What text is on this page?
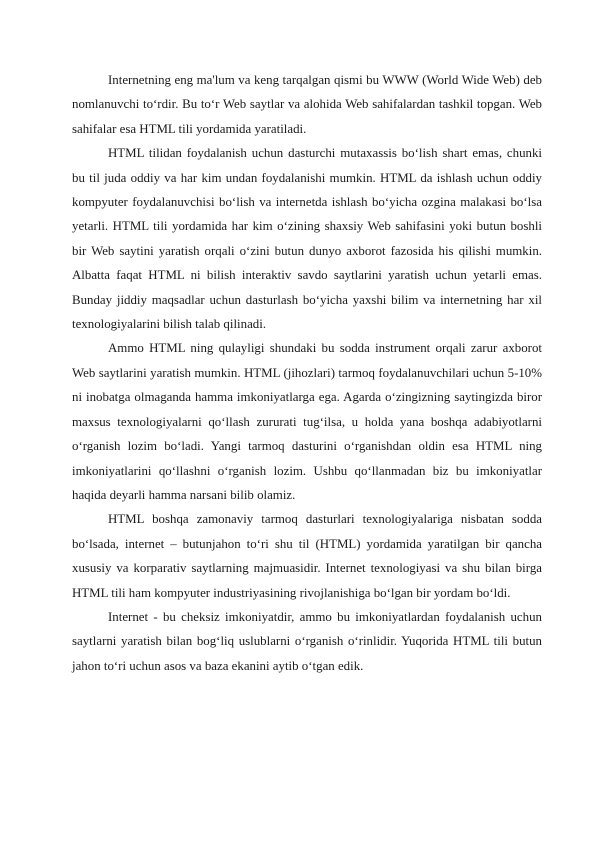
Internetning eng ma'lum va keng tarqalgan qismi bu WWW (World Wide Web) deb nomlanuvchi to‘rdir. Bu to‘r Web saytlar va alohida Web sahifalardan tashkil topgan. Web sahifalar esa HTML tili yordamida yaratiladi.

HTML tilidan foydalanish uchun dasturchi mutaxassis bo‘lish shart emas, chunki bu til juda oddiy va har kim undan foydalanishi mumkin. HTML da ishlash uchun oddiy kompyuter foydalanuvchisi bo‘lish va internetda ishlash bo‘yicha ozgina malakasi bo‘lsa yetarli. HTML tili yordamida har kim o‘zining shaxsiy Web sahifasini yoki butun boshli bir Web saytini yaratish orqali o‘zini butun dunyo axborot fazosida his qilishi mumkin. Albatta faqat HTML ni bilish interaktiv savdo saytlarini yaratish uchun yetarli emas. Bunday jiddiy maqsadlar uchun dasturlash bo‘yicha yaxshi bilim va internetning har xil texnologiyalarini bilish talab qilinadi.

Ammo HTML ning qulayligi shundaki bu sodda instrument orqali zarur axborot Web saytlarini yaratish mumkin. HTML (jihozlari) tarmoq foydalanuvchilari uchun 5-10% ni inobatga olmaganda hamma imkoniyatlarga ega. Agarda o‘zingizning saytingizda biror maxsus texnologiyalarni qo‘llash zururati tug‘ilsa, u holda yana boshqa adabiyotlarni o‘rganish lozim bo‘ladi. Yangi tarmoq dasturini o‘rganishdan oldin esa HTML ning imkoniyatlarini qo‘llashni o‘rganish lozim. Ushbu qo‘llanmadan biz bu imkoniyatlar haqida deyarli hamma narsani bilib olamiz.

HTML boshqa zamonaviy tarmoq dasturlari texnologiyalariga nisbatan sodda bo‘lsada, internet – butunjahon to‘ri shu til (HTML) yordamida yaratilgan bir qancha xususiy va korparativ saytlarning majmuasidir. Internet texnologiyasi va shu bilan birga HTML tili ham kompyuter industriyasining rivojlanishiga bo‘lgan bir yordam bo‘ldi.

Internet - bu cheksiz imkoniyatdir, ammo bu imkoniyatlardan foydalanish uchun saytlarni yaratish bilan bog‘liq uslublarni o‘rganish o‘rinlidir. Yuqorida HTML tili butun jahon to‘ri uchun asos va baza ekanini aytib o‘tgan edik.
